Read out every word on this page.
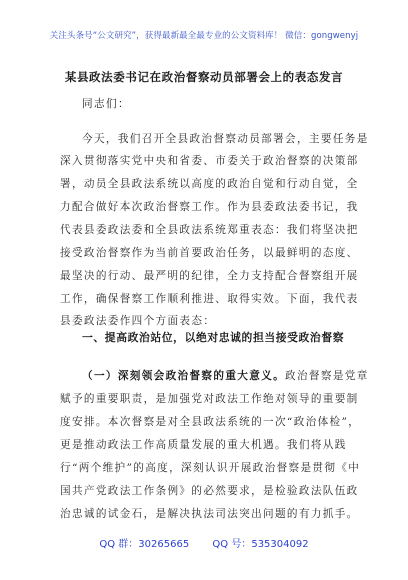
关注头条号“公文研究”，获得最新最全最专业的公文资料库！ 微信：gongwenyj
某县政法委书记在政治督察动员部署会上的表态发言
同志们：
今天，我们召开全县政治督察动员部署会，主要任务是
深入贯彻落实党中央和省委、市委关于政治督察的决策部
署，动员全县政法系统以高度的政治自觉和行动自觉，全
力配合做好本次政治督察工作。作为县委政法委书记，我
代表县委政法委和全县政法系统郑重表态：我们将坚决把
接受政治督察作为当前首要政治任务，以最鲜明的态度、
最坚决的行动、最严明的纪律，全力支持配合督察组开展
工作，确保督察工作顺利推进、取得实效。下面，我代表
县委政法委作四个方面表态：
一、提高政治站位，以绝对忠诚的担当接受政治督察
（一）深刻领会政治督察的重大意义。政治督察是党章
赋予的重要职责，是加强党对政法工作绝对领导的重要制
度安排。本次督察是对全县政法系统的一次“政治体检”，
更是推动政法工作高质量发展的重大机遇。我们将从践
行“两个维护”的高度，深刻认识开展政治督察是贯彻《中
国共产党政法工作条例》的必然要求，是检验政法队伍政
治忠诚的试金石，是解决执法司法突出问题的有力抓手。
QQ 群：30265665 QQ 号：535304092
